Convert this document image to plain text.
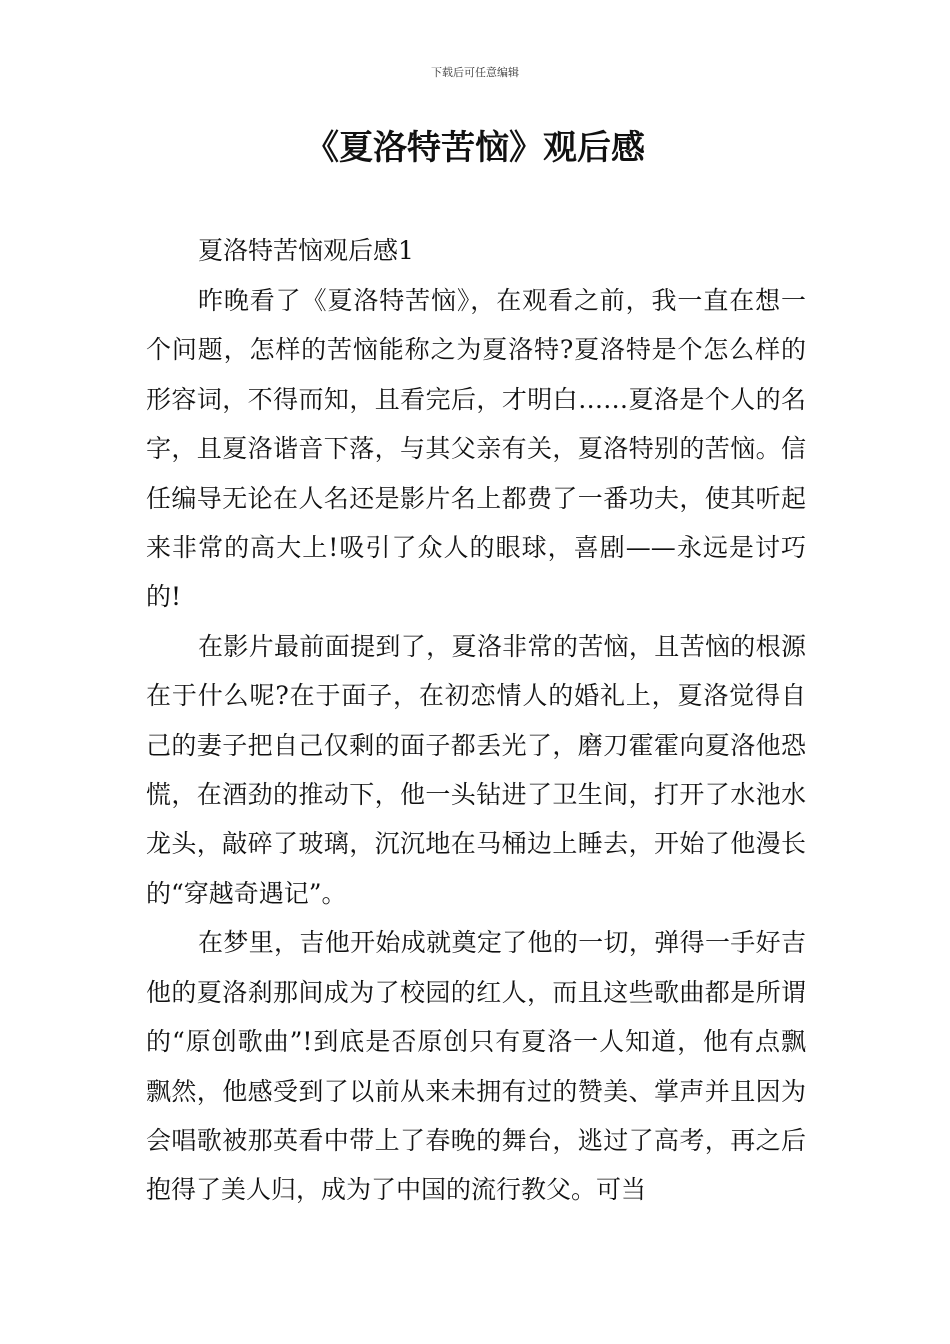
下载后可任意编辑
《夏洛特苦恼》观后感

夏洛特苦恼观后感1

昨晚看了《夏洛特苦恼》，在观看之前，我一直在想一个问题，怎样的苦恼能称之为夏洛特?夏洛特是个怎么样的形容词，不得而知，且看完后，才明白……夏洛是个人的名字，且夏洛谐音下落，与其父亲有关，夏洛特别的苦恼。信任编导无论在人名还是影片名上都费了一番功夫，使其听起来非常的高大上!吸引了众人的眼球，喜剧——永远是讨巧的!

在影片最前面提到了，夏洛非常的苦恼，且苦恼的根源在于什么呢?在于面子，在初恋情人的婚礼上，夏洛觉得自己的妻子把自己仅剩的面子都丢光了，磨刀霍霍向夏洛他恐慌，在酒劲的推动下，他一头钻进了卫生间，打开了水池水龙头，敲碎了玻璃，沉沉地在马桶边上睡去，开始了他漫长的“穿越奇遇记”。

在梦里，吉他开始成就奠定了他的一切，弹得一手好吉他的夏洛刹那间成为了校园的红人，而且这些歌曲都是所谓的“原创歌曲”!到底是否原创只有夏洛一人知道，他有点飘飘然，他感受到了以前从来未拥有过的赞美、掌声并且因为会唱歌被那英看中带上了春晚的舞台，逃过了高考，再之后抱得了美人归，成为了中国的流行教父。可当
